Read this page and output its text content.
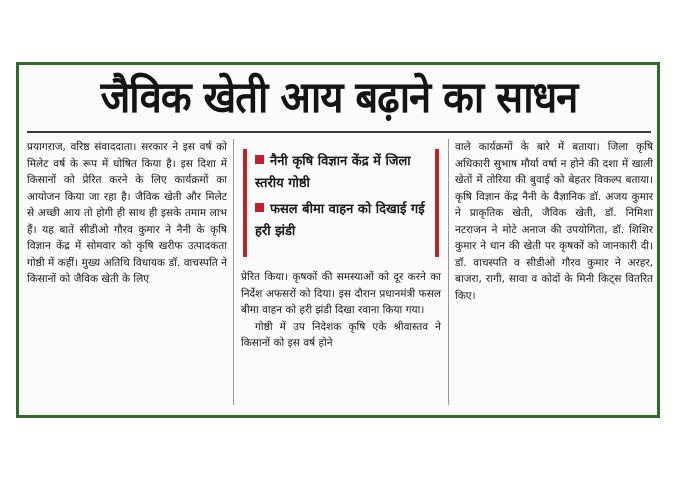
जैविक खेती आय बढ़ाने का साधन

प्रयागराज, वरिष्ठ संवाददाता। सरकार ने इस वर्ष को मिलेट वर्ष के रूप में घोषित किया है। इस दिशा में किसानों को प्रेरित करने के लिए कार्यक्रमों का आयोजन किया जा रहा है। जैविक खेती और मिलेट से अच्छी आय तो होगी ही साथ ही इसके तमाम लाभ हैं। यह बातें सीडीओ गौरव कुमार ने नैनी के कृषि विज्ञान केंद्र में सोमवार को कृषि खरीफ उत्पादकता गोष्ठी में कहीं। मुख्य अतिथि विधायक डॉ. वाचस्पति ने किसानों को जैविक खेती के लिए

नैनी कृषि विज्ञान केंद्र में जिला स्तरीय गोष्ठी
फसल बीमा वाहन को दिखाई गई हरी झंडी

प्रेरित किया। कृषकों की समस्याओं को दूर करने का निर्देश अफसरों को दिया। इस दौरान प्रधानमंत्री फसल बीमा वाहन को हरी झंडी दिखा रवाना किया गया।

गोष्ठी में उप निदेशक कृषि एके श्रीवास्तव ने किसानों को इस वर्ष होने

वाले कार्यक्रमों के बारे में बताया। जिला कृषि अधिकारी सुभाष मौर्या वर्षा न होने की दशा में खाली खेतों में तोरिया की बुवाई को बेहतर विकल्प बताया। कृषि विज्ञान केंद्र नैनी के वैज्ञानिक डॉ. अजय कुमार ने प्राकृतिक खेती, जैविक खेती, डॉ. निमिशा नटराजन ने मोटे अनाज की उपयोगिता, डॉ. शिशिर कुमार ने धान की खेती पर कृषकों को जानकारी दी। डॉ. वाचस्पति व सीडीओ गौरव कुमार ने अरहर, बाजरा, रागी, सावा व कोदों के मिनी किट्स वितरित किए।
